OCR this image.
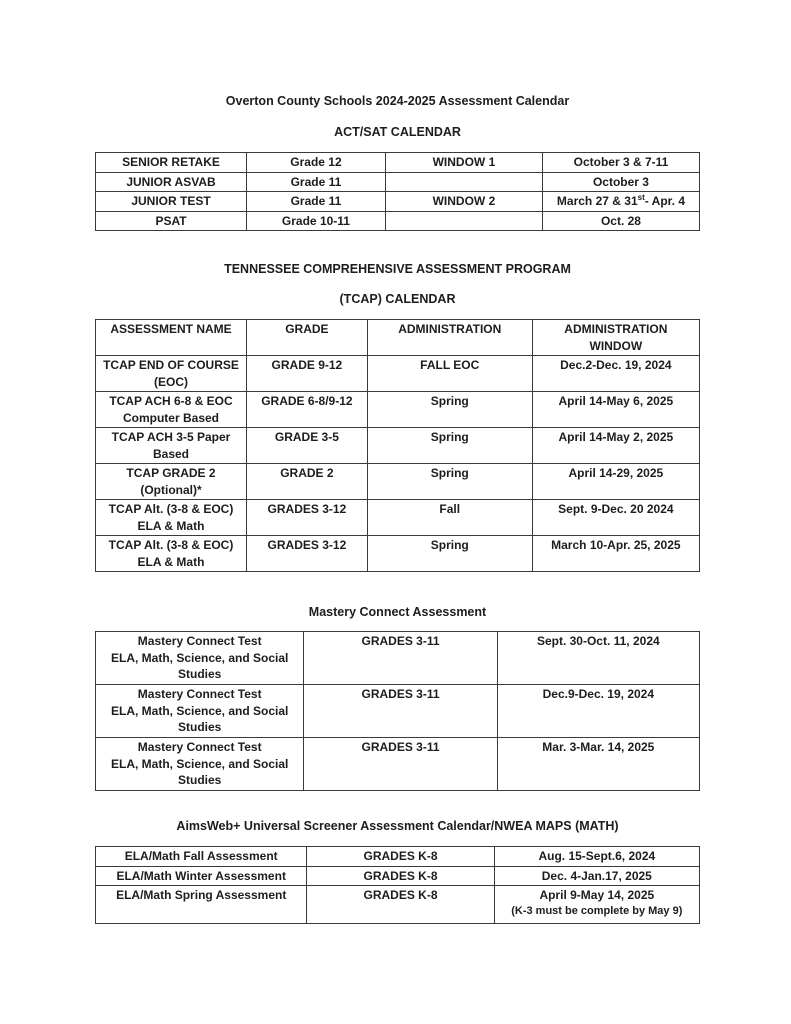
Overton County Schools 2024-2025 Assessment Calendar
ACT/SAT CALENDAR
SENIOR RETAKE	Grade 12	WINDOW 1	October 3 & 7-11
JUNIOR ASVAB	Grade 11		October 3
JUNIOR TEST	Grade 11	WINDOW 2	March 27 & 31st- Apr. 4
PSAT	Grade 10-11		Oct. 28
TENNESSEE COMPREHENSIVE ASSESSMENT PROGRAM
(TCAP) CALENDAR
ASSESSMENT NAME	GRADE	ADMINISTRATION	ADMINISTRATION
WINDOW

TCAP END OF COURSE
(EOC)	GRADE 9-12	FALL EOC	Dec.2-Dec. 19, 2024

TCAP ACH 6-8 & EOC
Computer Based	GRADE 6-8/9-12	Spring	April 14-May 6, 2025

TCAP ACH 3-5 Paper
Based	GRADE 3-5	Spring	April 14-May 2, 2025

TCAP GRADE 2
(Optional)*	GRADE 2	Spring	April 14-29, 2025

TCAP Alt. (3-8 & EOC)
ELA & Math	GRADES 3-12	Fall	Sept. 9-Dec. 20 2024

TCAP Alt. (3-8 & EOC)
ELA & Math	GRADES 3-12	Spring	March 10-Apr. 25, 2025
Mastery Connect Assessment
Mastery Connect Test
ELA, Math, Science, and Social
Studies	GRADES 3-11	Sept. 30-Oct. 11, 2024

Mastery Connect Test
ELA, Math, Science, and Social
Studies	GRADES 3-11	Dec.9-Dec. 19, 2024

Mastery Connect Test
ELA, Math, Science, and Social
Studies	GRADES 3-11	Mar. 3-Mar. 14, 2025
AimsWeb+ Universal Screener Assessment Calendar/NWEA MAPS (MATH)
ELA/Math Fall Assessment	GRADES K-8	Aug. 15-Sept.6, 2024
ELA/Math Winter Assessment	GRADES K-8	Dec. 4-Jan.17, 2025
ELA/Math Spring Assessment	GRADES K-8	April 9-May 14, 2025
(K-3 must be complete by May 9)
